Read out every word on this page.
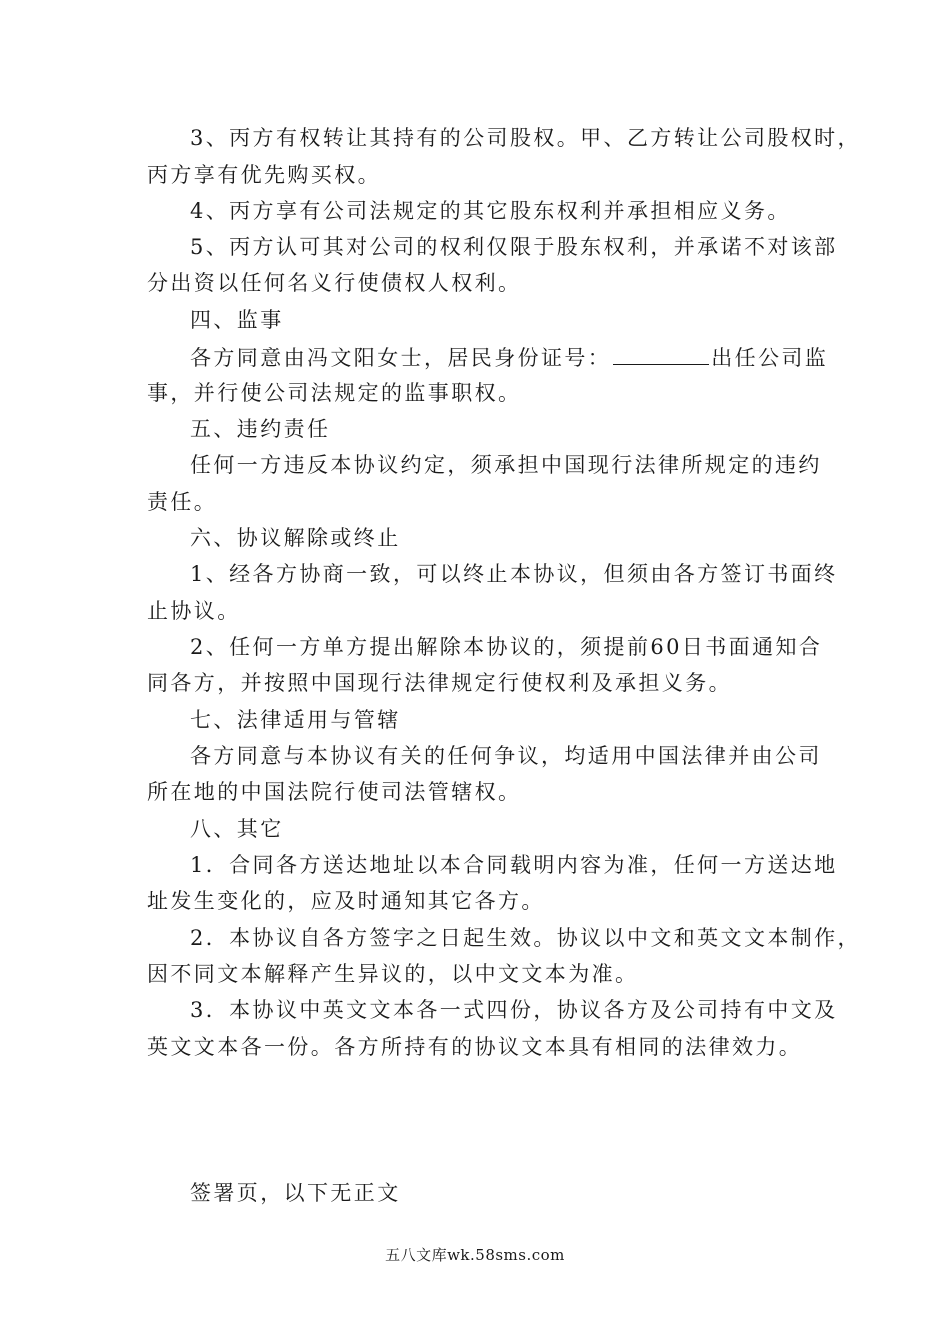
3、丙方有权转让其持有的公司股权。甲、乙方转让公司股权时，
丙方享有优先购买权。
4、丙方享有公司法规定的其它股东权利并承担相应义务。
5、丙方认可其对公司的权利仅限于股东权利，并承诺不对该部
分出资以任何名义行使债权人权利。
四、监事
各方同意由冯文阳女士，居民身份证号：	出任公司监
事，并行使公司法规定的监事职权。
五、违约责任
任何一方违反本协议约定，须承担中国现行法律所规定的违约
责任。
六、协议解除或终止
1、经各方协商一致，可以终止本协议，但须由各方签订书面终
止协议。
2、任何一方单方提出解除本协议的，须提前60日书面通知合
同各方，并按照中国现行法律规定行使权利及承担义务。
七、法律适用与管辖
各方同意与本协议有关的任何争议，均适用中国法律并由公司
所在地的中国法院行使司法管辖权。
八、其它
1．合同各方送达地址以本合同载明内容为准，任何一方送达地
址发生变化的，应及时通知其它各方。
2．本协议自各方签字之日起生效。协议以中文和英文文本制作，
因不同文本解释产生异议的，以中文文本为准。
3．本协议中英文文本各一式四份，协议各方及公司持有中文及
英文文本各一份。各方所持有的协议文本具有相同的法律效力。
签署页，以下无正文
五八文库wk.58sms.com
